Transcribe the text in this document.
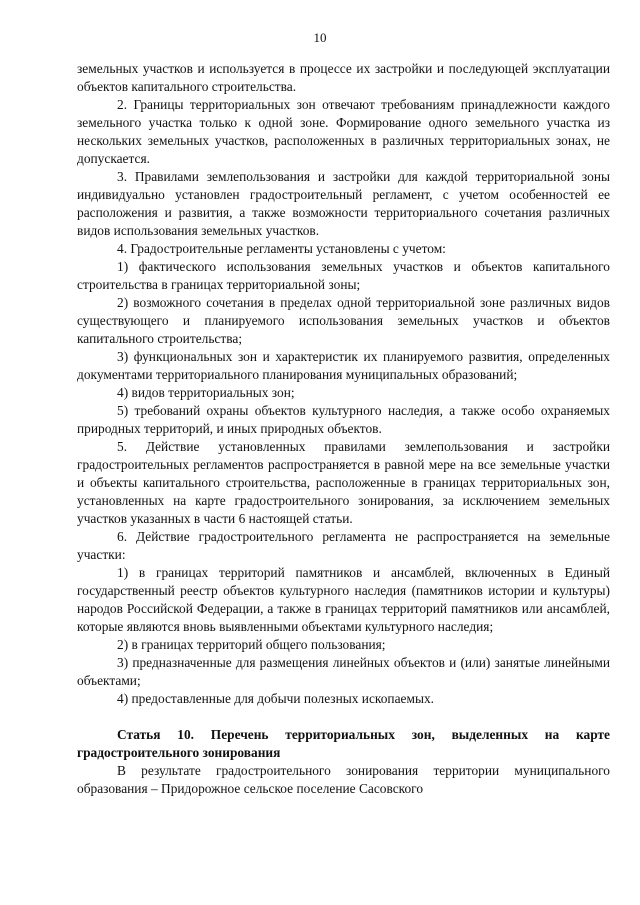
10

земельных участков и используется в процессе их застройки и последующей эксплуатации объектов капитального строительства.

2. Границы территориальных зон отвечают требованиям принадлежности каждого земельного участка только к одной зоне. Формирование одного земельного участка из нескольких земельных участков, расположенных в различных территориальных зонах, не допускается.

3. Правилами землепользования и застройки для каждой территориальной зоны индивидуально установлен градостроительный регламент, с учетом особенностей ее расположения и развития, а также возможности территориального сочетания различных видов использования земельных участков.

4. Градостроительные регламенты установлены с учетом:

1) фактического использования земельных участков и объектов капитального строительства в границах территориальной зоны;

2) возможного сочетания в пределах одной территориальной зоне различных видов существующего и планируемого использования земельных участков и объектов капитального строительства;

3) функциональных зон и характеристик их планируемого развития, определенных документами территориального планирования муниципальных образований;

4) видов территориальных зон;

5) требований охраны объектов культурного наследия, а также особо охраняемых природных территорий, и иных природных объектов.

5. Действие установленных правилами землепользования и застройки градостроительных регламентов распространяется в равной мере на все земельные участки и объекты капитального строительства, расположенные в границах территориальных зон, установленных на карте градостроительного зонирования, за исключением земельных участков указанных в части 6 настоящей статьи.

6. Действие градостроительного регламента не распространяется на земельные участки:

1) в границах территорий памятников и ансамблей, включенных в Единый государственный реестр объектов культурного наследия (памятников истории и культуры) народов Российской Федерации, а также в границах территорий памятников или ансамблей, которые являются вновь выявленными объектами культурного наследия;

2) в границах территорий общего пользования;

3) предназначенные для размещения линейных объектов и (или) занятые линейными объектами;

4) предоставленные для добычи полезных ископаемых.

Статья 10. Перечень территориальных зон, выделенных на карте градостроительного зонирования

В результате градостроительного зонирования территории муниципального образования – Придорожное сельское поселение Сасовского
